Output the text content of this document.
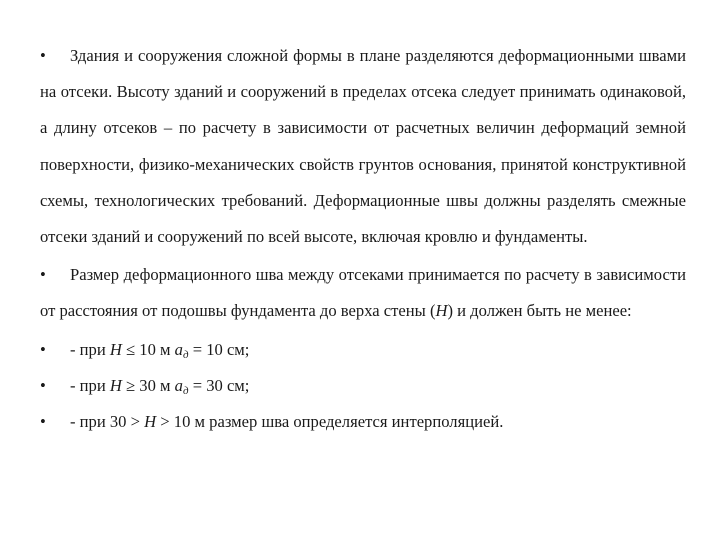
• Здания и сооружения сложной формы в плане разделяются деформационными швами на отсеки. Высоту зданий и сооружений в пределах отсека следует принимать одинаковой, а длину отсеков – по расчету в зависимости от расчетных величин деформаций земной поверхности, физико-механических свойств грунтов основания, принятой конструктивной схемы, технологических требований. Деформационные швы должны разделять смежные отсеки зданий и сооружений по всей высоте, включая кровлю и фундаменты.

• Размер деформационного шва между отсеками принимается по расчету в зависимости от расстояния от подошвы фундамента до верха стены (H) и должен быть не менее:

• - при H ≤ 10 м $a_д = 10$ см;
• - при H ≥ 30 м $a_д = 30$ см;
• - при 30 > H > 10 м размер шва определяется интерполяцией.
